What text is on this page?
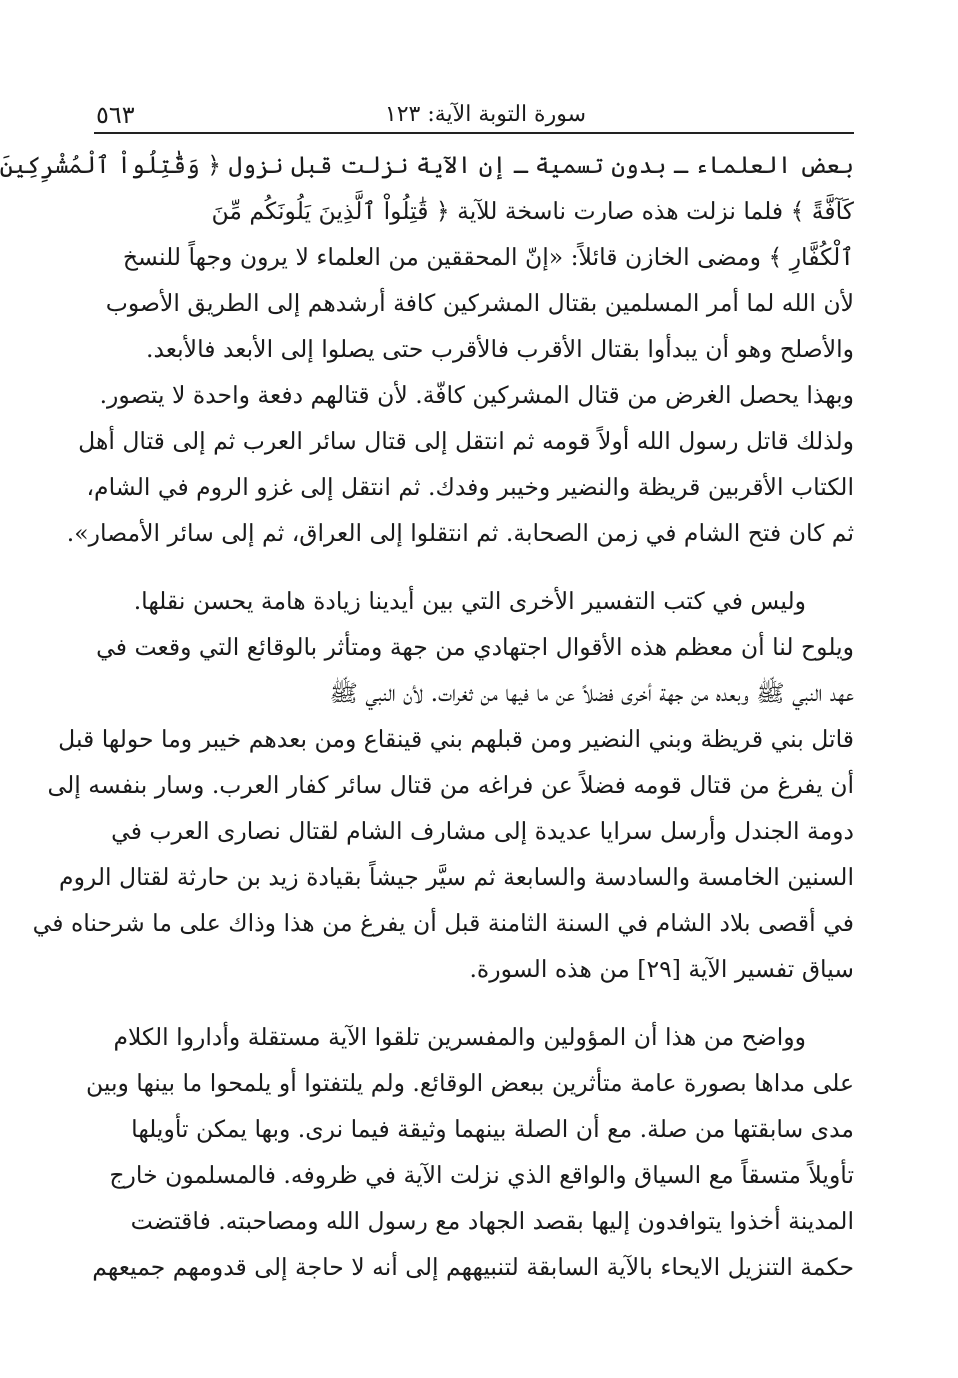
سورة التوبة الآية: ١٢٣
٥٦٣

بعض العلماء ـ بدون تسمية ـ إن الآية نزلت قبل نزول ﴿ وَقَٰتِلُواْ ٱلْمُشْرِكِينَ
كَآفَّةً ﴾ فلما نزلت هذه صارت ناسخة للآية ﴿ قَٰتِلُواْ ٱلَّذِينَ يَلُونَكُم مِّنَ
ٱلْكُفَّارِ ﴾ ومضى الخازن قائلاً: «إنّ المحققين من العلماء لا يرون وجهاً للنسخ
لأن الله لما أمر المسلمين بقتال المشركين كافة أرشدهم إلى الطريق الأصوب
والأصلح وهو أن يبدأوا بقتال الأقرب فالأقرب حتى يصلوا إلى الأبعد فالأبعد.
وبهذا يحصل الغرض من قتال المشركين كافّة. لأن قتالهم دفعة واحدة لا يتصور.
ولذلك قاتل رسول الله أولاً قومه ثم انتقل إلى قتال سائر العرب ثم إلى قتال أهل
الكتاب الأقربين قريظة والنضير وخيبر وفدك. ثم انتقل إلى غزو الروم في الشام،
ثم كان فتح الشام في زمن الصحابة. ثم انتقلوا إلى العراق، ثم إلى سائر الأمصار».

وليس في كتب التفسير الأخرى التي بين أيدينا زيادة هامة يحسن نقلها.
ويلوح لنا أن معظم هذه الأقوال اجتهادي من جهة ومتأثر بالوقائع التي وقعت في
عهد النبي ﷺ وبعده من جهة أخرى فضلاً عن ما فيها من ثغرات. لأن النبي ﷺ
قاتل بني قريظة وبني النضير ومن قبلهم بني قينقاع ومن بعدهم خيبر وما حولها قبل
أن يفرغ من قتال قومه فضلاً عن فراغه من قتال سائر كفار العرب. وسار بنفسه إلى
دومة الجندل وأرسل سرايا عديدة إلى مشارف الشام لقتال نصارى العرب في
السنين الخامسة والسادسة والسابعة ثم سيَّر جيشاً بقيادة زيد بن حارثة لقتال الروم
في أقصى بلاد الشام في السنة الثامنة قبل أن يفرغ من هذا وذاك على ما شرحناه في
سياق تفسير الآية [٢٩] من هذه السورة.

وواضح من هذا أن المؤولين والمفسرين تلقوا الآية مستقلة وأداروا الكلام
على مداها بصورة عامة متأثرين ببعض الوقائع. ولم يلتفتوا أو يلمحوا ما بينها وبين
مدى سابقتها من صلة. مع أن الصلة بينهما وثيقة فيما نرى. وبها يمكن تأويلها
تأويلاً متسقاً مع السياق والواقع الذي نزلت الآية في ظروفه. فالمسلمون خارج
المدينة أخذوا يتوافدون إليها بقصد الجهاد مع رسول الله ومصاحبته. فاقتضت
حكمة التنزيل الايحاء بالآية السابقة لتنبيههم إلى أنه لا حاجة إلى قدومهم جميعهم
